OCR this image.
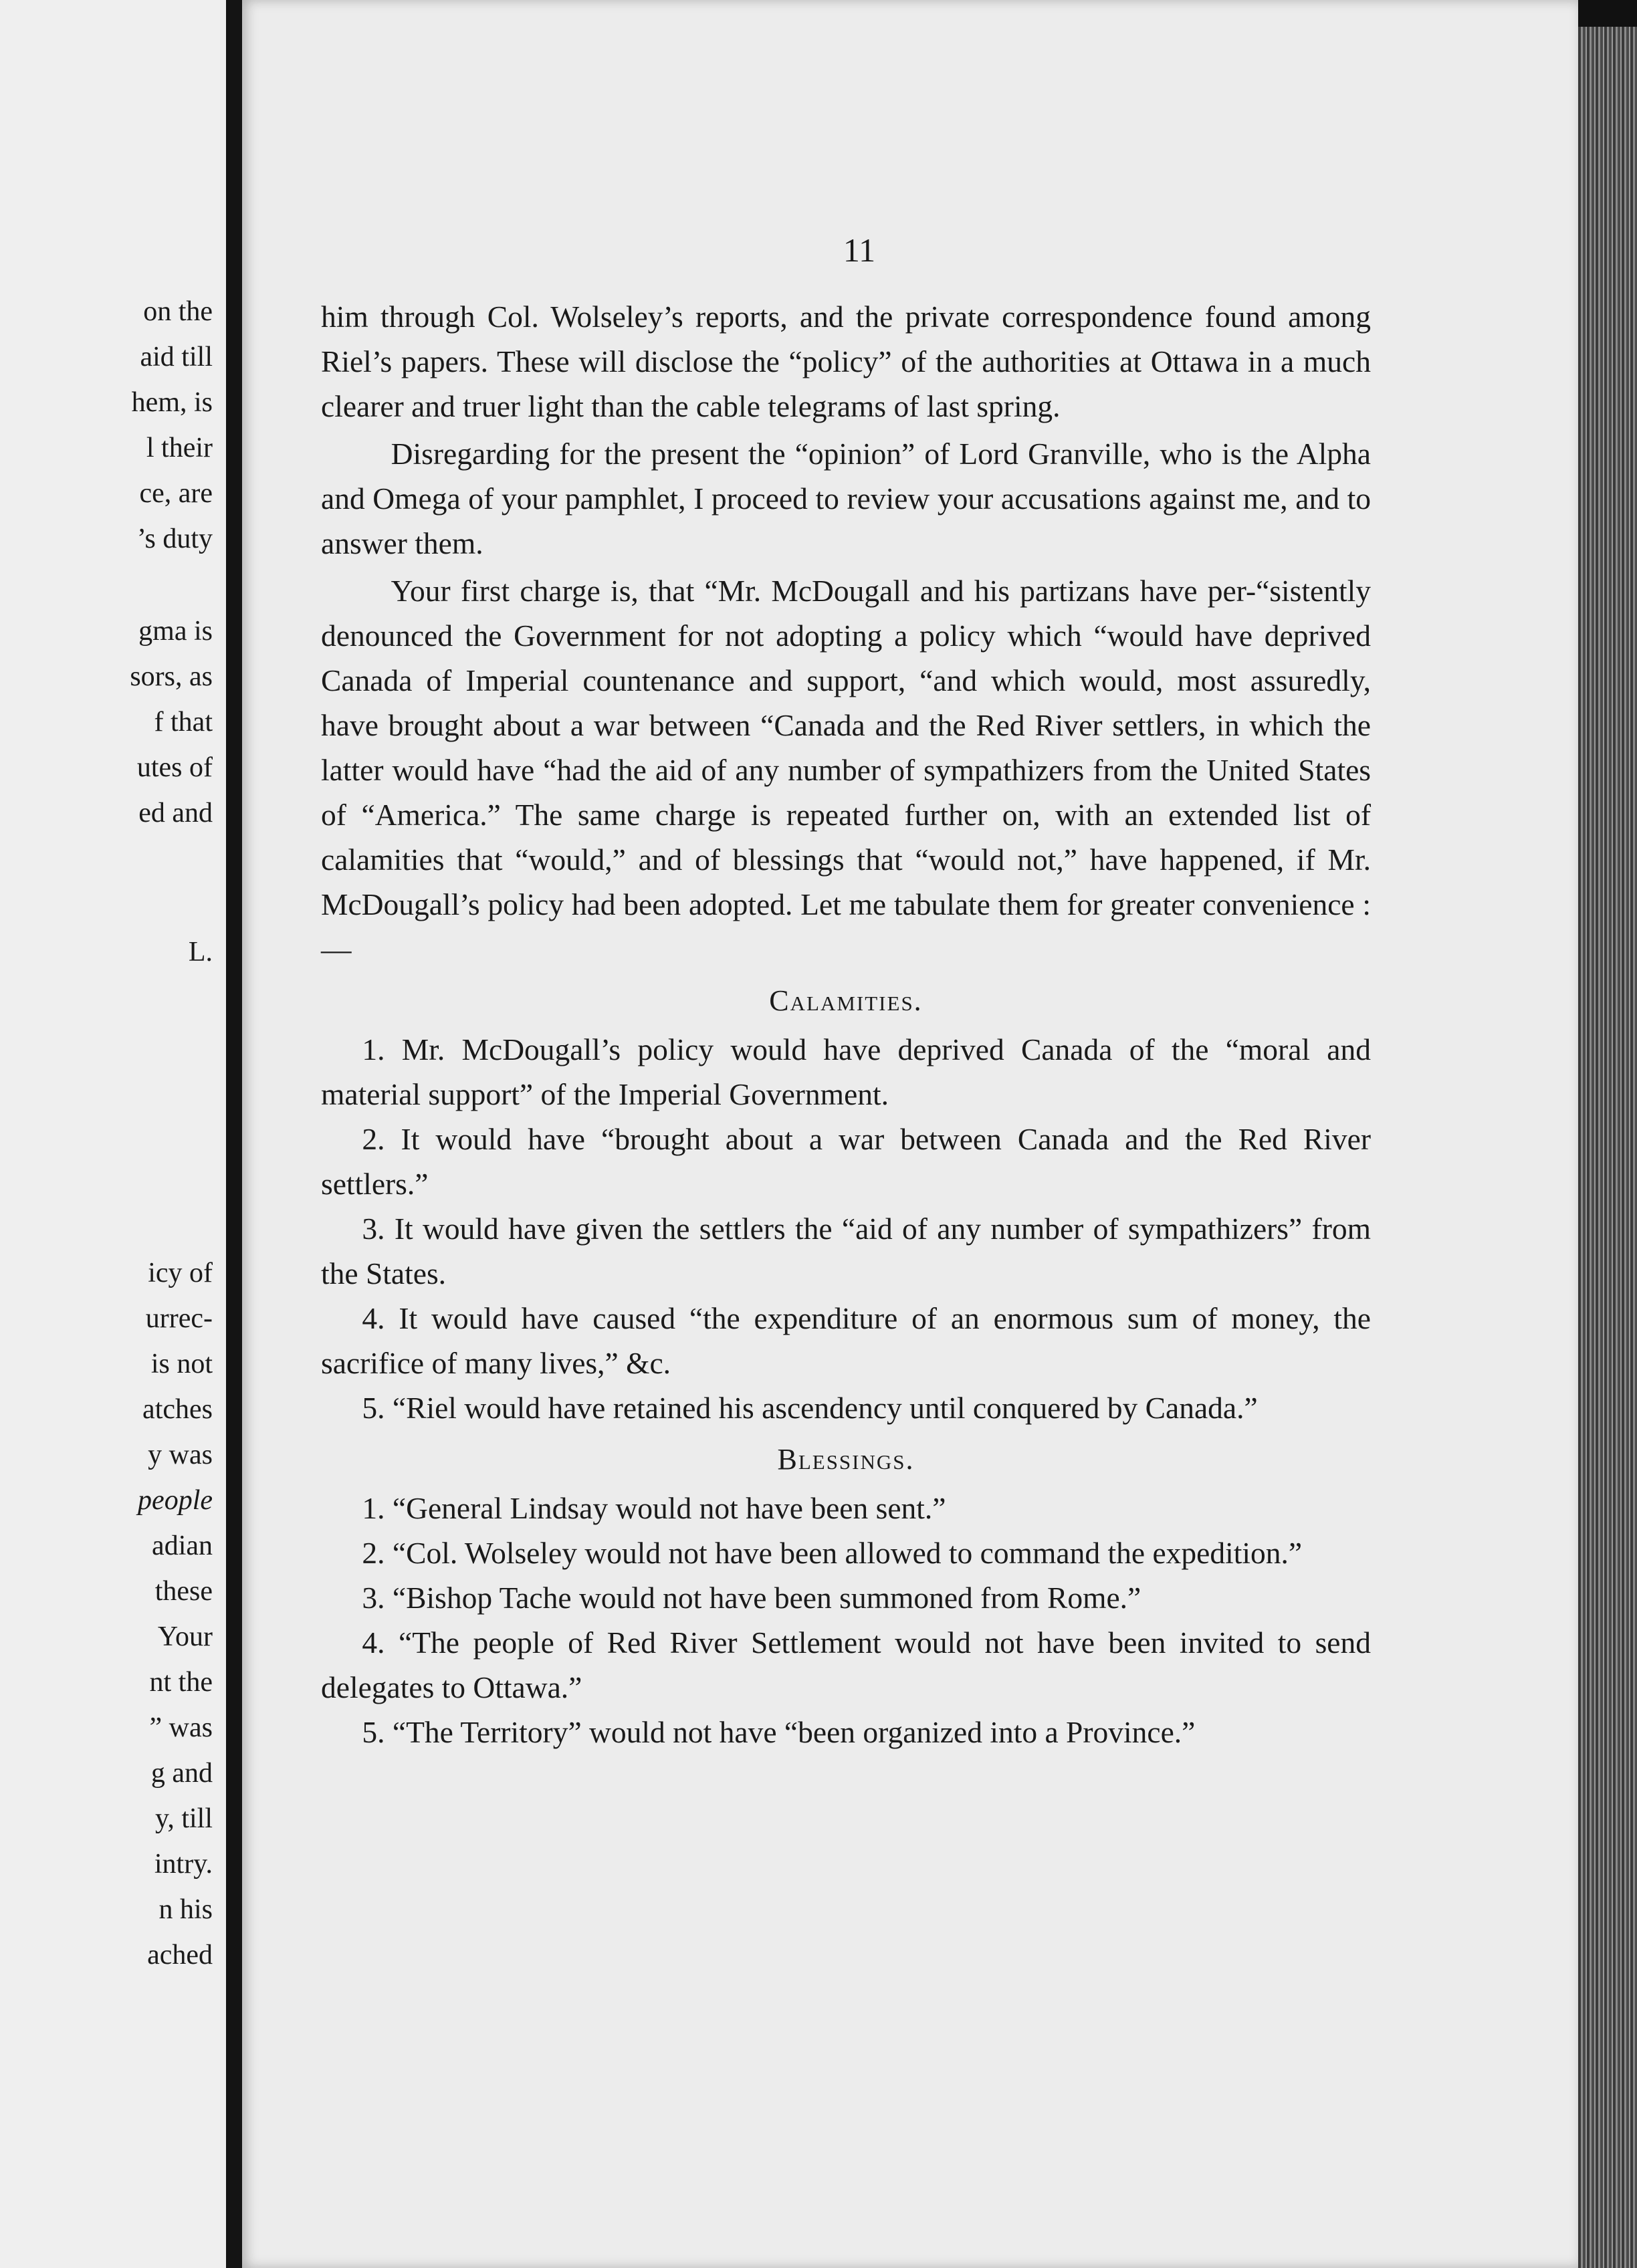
on the
aid till
hem, is
l their
ce, are
’s duty
gma is
sors, as
f that
utes of
ed and
L.
icy of
urrec-
is not
atches
y was
people
adian
these
Your
nt the
” was
g and
y, till
intry.
n his
ached
11

him through Col. Wolseley’s reports, and the private correspondence found among Riel’s papers. These will disclose the “policy” of the authorities at Ottawa in a much clearer and truer light than the cable telegrams of last spring.

Disregarding for the present the “opinion” of Lord Granville, who is the Alpha and Omega of your pamphlet, I proceed to review your accusations against me, and to answer them.

Your first charge is, that “Mr. McDougall and his partizans have per-“sistently denounced the Government for not adopting a policy which “would have deprived Canada of Imperial countenance and support, “and which would, most assuredly, have brought about a war between “Canada and the Red River settlers, in which the latter would have “had the aid of any number of sympathizers from the United States of “America.” The same charge is repeated further on, with an extended list of calamities that “would,” and of blessings that “would not,” have happened, if Mr. McDougall’s policy had been adopted. Let me tabulate them for greater convenience :—

Calamities.

1. Mr. McDougall’s policy would have deprived Canada of the “moral and material support” of the Imperial Government.

2. It would have “brought about a war between Canada and the Red River settlers.”

3. It would have given the settlers the “aid of any number of sympathizers” from the States.

4. It would have caused “the expenditure of an enormous sum of money, the sacrifice of many lives,” &c.

5. “Riel would have retained his ascendency until conquered by Canada.”

Blessings.

1. “General Lindsay would not have been sent.”

2. “Col. Wolseley would not have been allowed to command the expedition.”

3. “Bishop Tache would not have been summoned from Rome.”

4. “The people of Red River Settlement would not have been invited to send delegates to Ottawa.”

5. “The Territory” would not have “been organized into a Province.”
